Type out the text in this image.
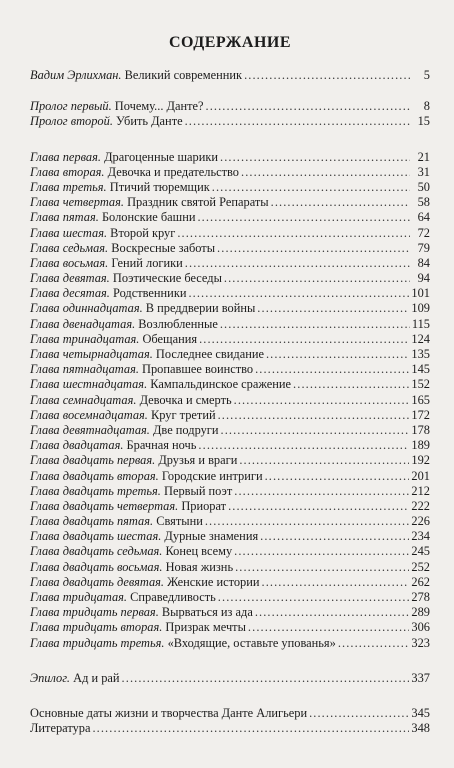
СОДЕРЖАНИЕ
Вадим Эрлихман. Великий современник . . .	5
Пролог первый. Почему... Данте? . . .	8
Пролог второй. Убить Данте . . .	15
Глава первая. Драгоценные шарики . . .	21
Глава вторая. Девочка и предательство . . .	31
Глава третья. Птичий тюремщик . . .	50
Глава четвертая. Праздник святой Репараты . . .	58
Глава пятая. Болонские башни . . .	64
Глава шестая. Второй круг . . .	72
Глава седьмая. Воскресные заботы . . .	79
Глава восьмая. Гений логики . . .	84
Глава девятая. Поэтические беседы . . .	94
Глава десятая. Родственники . . .	101
Глава одиннадцатая. В преддверии войны . . .	109
Глава двенадцатая. Возлюбленные . . .	115
Глава тринадцатая. Обещания . . .	124
Глава четырнадцатая. Последнее свидание . . .	135
Глава пятнадцатая. Пропавшее воинство . . .	145
Глава шестнадцатая. Кампальдинское сражение . . .	152
Глава семнадцатая. Девочка и смерть . . .	165
Глава восемнадцатая. Круг третий . . .	172
Глава девятнадцатая. Две подруги . . .	178
Глава двадцатая. Брачная ночь . . .	189
Глава двадцать первая. Друзья и враги . . .	192
Глава двадцать вторая. Городские интриги . . .	201
Глава двадцать третья. Первый поэт . . .	212
Глава двадцать четвертая. Приорат . . .	222
Глава двадцать пятая. Святыни . . .	226
Глава двадцать шестая. Дурные знамения . . .	234
Глава двадцать седьмая. Конец всему . . .	245
Глава двадцать восьмая. Новая жизнь . . .	252
Глава двадцать девятая. Женские истории . . .	262
Глава тридцатая. Справедливость . . .	278
Глава тридцать первая. Вырваться из ада . . .	289
Глава тридцать вторая. Призрак мечты . . .	306
Глава тридцать третья. «Входящие, оставьте упованья» . . .	323
Эпилог. Ад и рай . . .	337
Основные даты жизни и творчества Данте Алигьери . . .	345
Литература . . .	348
